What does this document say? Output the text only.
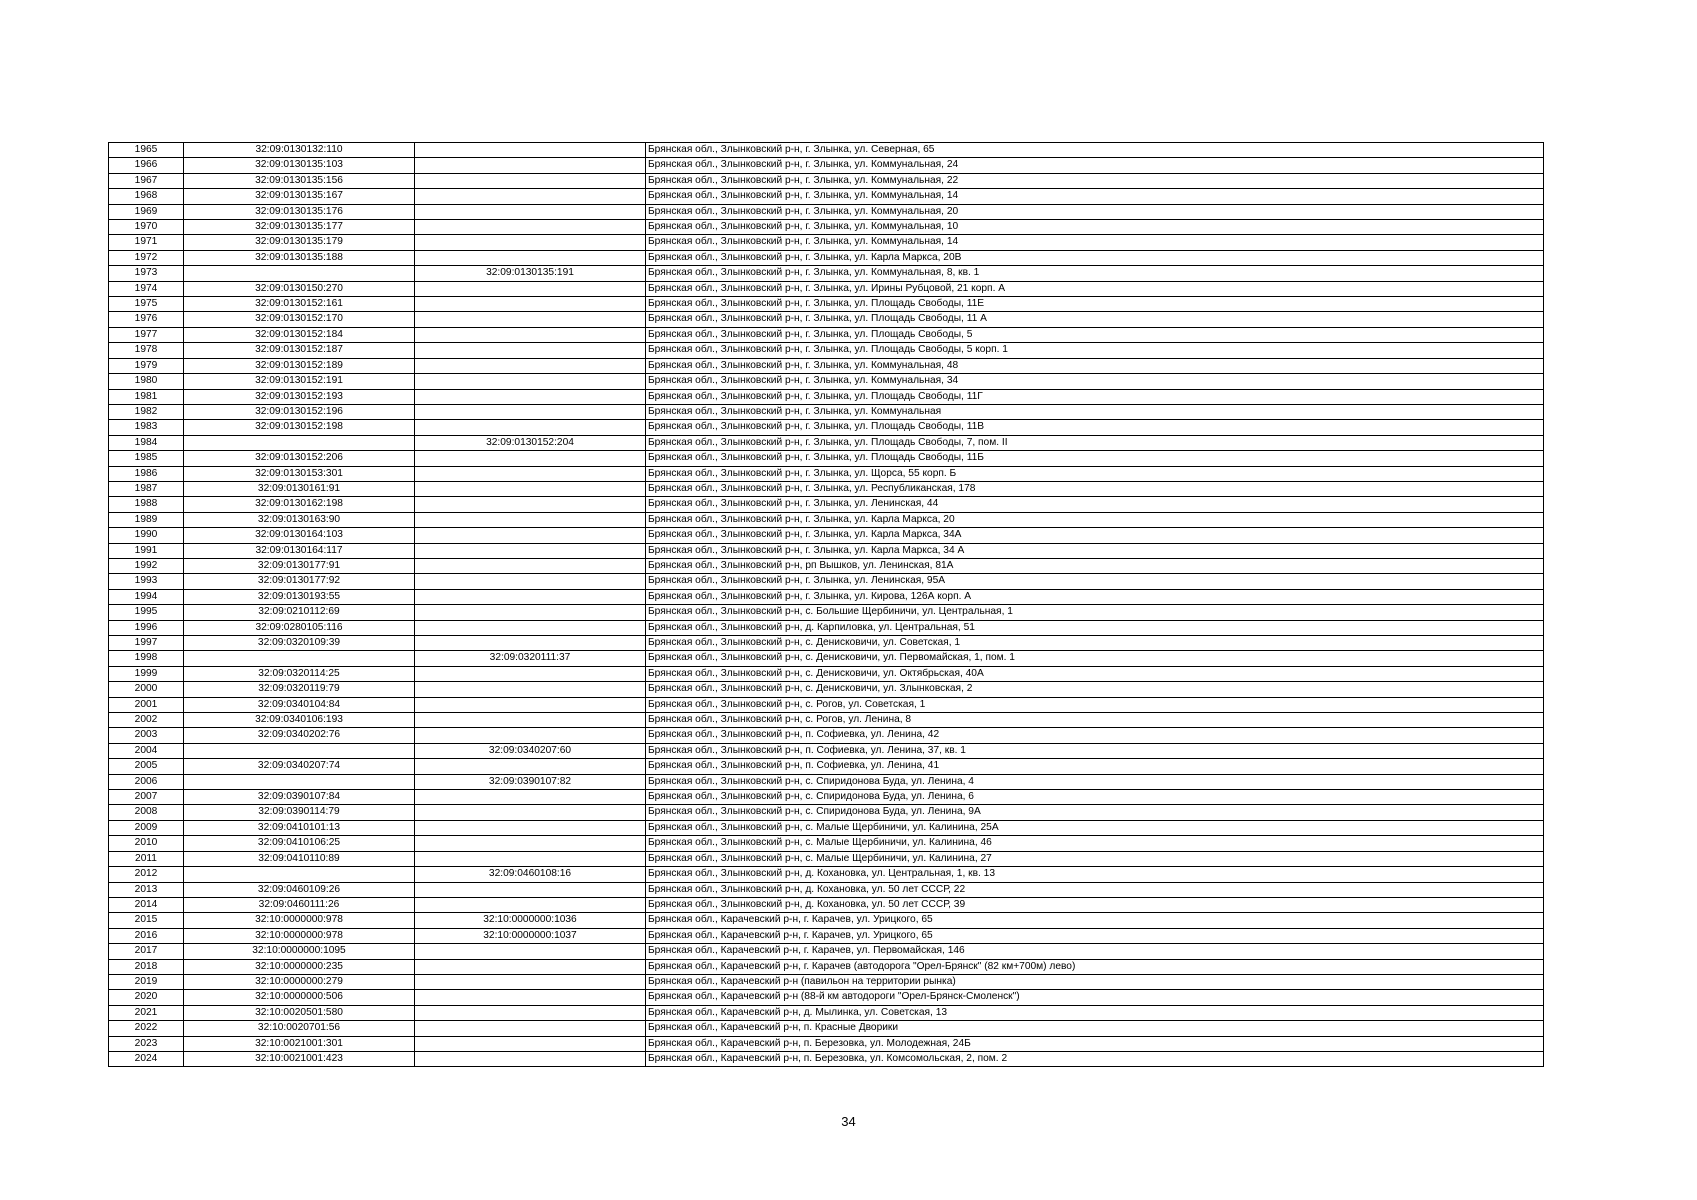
1965	32:09:0130132:110		Брянская обл., Злынковский р-н, г. Злынка, ул. Северная, 65
1966	32:09:0130135:103		Брянская обл., Злынковский р-н, г. Злынка, ул. Коммунальная, 24
1967	32:09:0130135:156		Брянская обл., Злынковский р-н, г. Злынка, ул. Коммунальная, 22
1968	32:09:0130135:167		Брянская обл., Злынковский р-н, г. Злынка, ул. Коммунальная, 14
1969	32:09:0130135:176		Брянская обл., Злынковский р-н, г. Злынка, ул. Коммунальная, 20
1970	32:09:0130135:177		Брянская обл., Злынковский р-н, г. Злынка, ул. Коммунальная, 10
1971	32:09:0130135:179		Брянская обл., Злынковский р-н, г. Злынка, ул. Коммунальная, 14
1972	32:09:0130135:188		Брянская обл., Злынковский р-н, г. Злынка, ул. Карла Маркса, 20В
1973		32:09:0130135:191	Брянская обл., Злынковский р-н, г. Злынка, ул. Коммунальная, 8, кв. 1
1974	32:09:0130150:270		Брянская обл., Злынковский р-н, г. Злынка, ул. Ирины Рубцовой, 21 корп. А
1975	32:09:0130152:161		Брянская обл., Злынковский р-н, г. Злынка, ул. Площадь Свободы, 11Е
1976	32:09:0130152:170		Брянская обл., Злынковский р-н, г. Злынка, ул. Площадь Свободы, 11 А
1977	32:09:0130152:184		Брянская обл., Злынковский р-н, г. Злынка, ул. Площадь Свободы, 5
1978	32:09:0130152:187		Брянская обл., Злынковский р-н, г. Злынка, ул. Площадь Свободы, 5 корп. 1
1979	32:09:0130152:189		Брянская обл., Злынковский р-н, г. Злынка, ул. Коммунальная, 48
1980	32:09:0130152:191		Брянская обл., Злынковский р-н, г. Злынка, ул. Коммунальная, 34
1981	32:09:0130152:193		Брянская обл., Злынковский р-н, г. Злынка, ул. Площадь Свободы, 11Г
1982	32:09:0130152:196		Брянская обл., Злынковский р-н, г. Злынка, ул. Коммунальная
1983	32:09:0130152:198		Брянская обл., Злынковский р-н, г. Злынка, ул. Площадь Свободы, 11В
1984		32:09:0130152:204	Брянская обл., Злынковский р-н, г. Злынка, ул. Площадь Свободы, 7, пом. II
1985	32:09:0130152:206		Брянская обл., Злынковский р-н, г. Злынка, ул. Площадь Свободы, 11Б
1986	32:09:0130153:301		Брянская обл., Злынковский р-н, г. Злынка, ул. Щорса, 55 корп. Б
1987	32:09:0130161:91		Брянская обл., Злынковский р-н, г. Злынка, ул. Республиканская, 178
1988	32:09:0130162:198		Брянская обл., Злынковский р-н, г. Злынка, ул. Ленинская, 44
1989	32:09:0130163:90		Брянская обл., Злынковский р-н, г. Злынка, ул. Карла Маркса, 20
1990	32:09:0130164:103		Брянская обл., Злынковский р-н, г. Злынка, ул. Карла Маркса, 34А
1991	32:09:0130164:117		Брянская обл., Злынковский р-н, г. Злынка, ул. Карла Маркса, 34 А
1992	32:09:0130177:91		Брянская обл., Злынковский р-н, рп Вышков, ул. Ленинская, 81А
1993	32:09:0130177:92		Брянская обл., Злынковский р-н, г. Злынка, ул. Ленинская, 95А
1994	32:09:0130193:55		Брянская обл., Злынковский р-н, г. Злынка, ул. Кирова, 126А корп. А
1995	32:09:0210112:69		Брянская обл., Злынковский р-н, с. Большие Щербиничи, ул. Центральная, 1
1996	32:09:0280105:116		Брянская обл., Злынковский р-н, д. Карпиловка, ул. Центральная, 51
1997	32:09:0320109:39		Брянская обл., Злынковский р-н, с. Денисковичи, ул. Советская, 1
1998		32:09:0320111:37	Брянская обл., Злынковский р-н, с. Денисковичи, ул. Первомайская, 1, пом. 1
1999	32:09:0320114:25		Брянская обл., Злынковский р-н, с. Денисковичи, ул. Октябрьская, 40А
2000	32:09:0320119:79		Брянская обл., Злынковский р-н, с. Денисковичи, ул. Злынковская, 2
2001	32:09:0340104:84		Брянская обл., Злынковский р-н, с. Рогов, ул. Советская, 1
2002	32:09:0340106:193		Брянская обл., Злынковский р-н, с. Рогов, ул. Ленина, 8
2003	32:09:0340202:76		Брянская обл., Злынковский р-н, п. Софиевка, ул. Ленина, 42
2004		32:09:0340207:60	Брянская обл., Злынковский р-н, п. Софиевка, ул. Ленина, 37, кв. 1
2005	32:09:0340207:74		Брянская обл., Злынковский р-н, п. Софиевка, ул. Ленина, 41
2006		32:09:0390107:82	Брянская обл., Злынковский р-н, с. Спиридонова Буда, ул. Ленина, 4
2007	32:09:0390107:84		Брянская обл., Злынковский р-н, с. Спиридонова Буда, ул. Ленина, 6
2008	32:09:0390114:79		Брянская обл., Злынковский р-н, с. Спиридонова Буда, ул. Ленина, 9А
2009	32:09:0410101:13		Брянская обл., Злынковский р-н, с. Малые Щербиничи, ул. Калинина, 25А
2010	32:09:0410106:25		Брянская обл., Злынковский р-н, с. Малые Щербиничи, ул. Калинина, 46
2011	32:09:0410110:89		Брянская обл., Злынковский р-н, с. Малые Щербиничи, ул. Калинина, 27
2012		32:09:0460108:16	Брянская обл., Злынковский р-н, д. Кохановка, ул. Центральная, 1, кв. 13
2013	32:09:0460109:26		Брянская обл., Злынковский р-н, д. Кохановка, ул. 50 лет СССР, 22
2014	32:09:0460111:26		Брянская обл., Злынковский р-н, д. Кохановка, ул. 50 лет СССР, 39
2015	32:10:0000000:978	32:10:0000000:1036	Брянская обл., Карачевский р-н, г. Карачев, ул. Урицкого, 65
2016	32:10:0000000:978	32:10:0000000:1037	Брянская обл., Карачевский р-н, г. Карачев, ул. Урицкого, 65
2017	32:10:0000000:1095		Брянская обл., Карачевский р-н, г. Карачев, ул. Первомайская, 146
2018	32:10:0000000:235		Брянская обл., Карачевский р-н, г. Карачев (автодорога "Орел-Брянск" (82 км+700м) лево)
2019	32:10:0000000:279		Брянская обл., Карачевский р-н (павильон на территории рынка)
2020	32:10:0000000:506		Брянская обл., Карачевский р-н (88-й км автодороги "Орел-Брянск-Смоленск")
2021	32:10:0020501:580		Брянская обл., Карачевский р-н, д. Мылинка, ул. Советская, 13
2022	32:10:0020701:56		Брянская обл., Карачевский р-н, п. Красные Дворики
2023	32:10:0021001:301		Брянская обл., Карачевский р-н, п. Березовка, ул. Молодежная, 24Б
2024	32:10:0021001:423		Брянская обл., Карачевский р-н, п. Березовка, ул. Комсомольская, 2, пом. 2
34
